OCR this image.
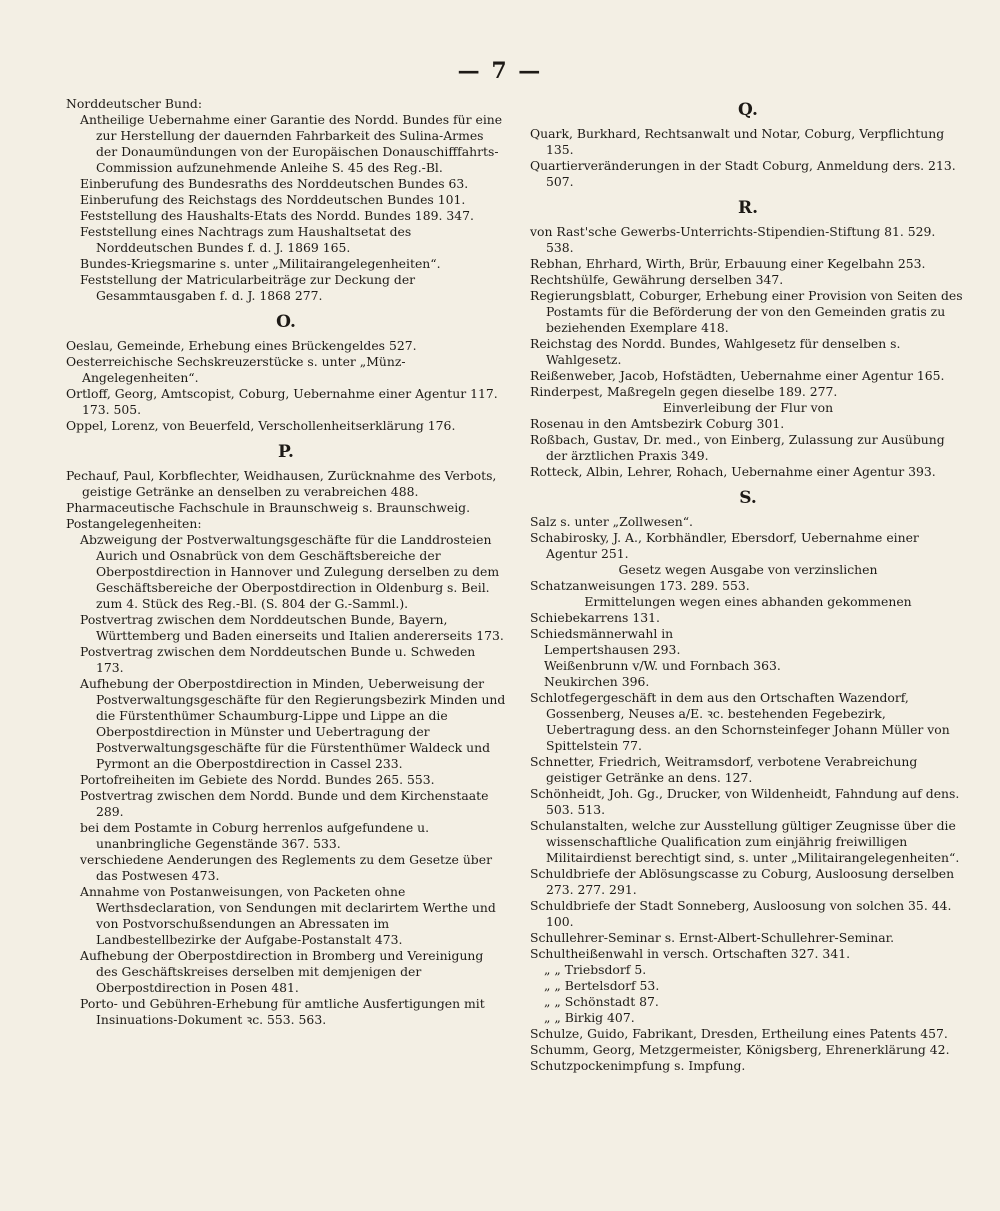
— 7 —

Norddeutscher Bund:

Antheilige Uebernahme einer Garantie des Nordd. Bundes für eine zur Herstellung der dauernden Fahrbarkeit des Sulina-Armes der Donaumündungen von der Europäischen Donauschifffahrts-Commission aufzunehmende Anleihe S. 45 des Reg.-Bl.

Einberufung des Bundesraths des Norddeutschen Bundes 63.

Einberufung des Reichstags des Norddeutschen Bundes 101.

Feststellung des Haushalts-Etats des Nordd. Bundes 189. 347.

Feststellung eines Nachtrags zum Haushaltsetat des Norddeutschen Bundes f. d. J. 1869 165.

Bundes-Kriegsmarine s. unter „Militairangelegenheiten“.

Feststellung der Matricularbeiträge zur Deckung der Gesammtausgaben f. d. J. 1868 277.

O.

Oeslau, Gemeinde, Erhebung eines Brückengeldes 527.

Oesterreichische Sechskreuzerstücke s. unter „Münz-Angelegenheiten“.

Ortloff, Georg, Amtscopist, Coburg, Uebernahme einer Agentur 117. 173. 505.

Oppel, Lorenz, von Beuerfeld, Verschollenheitserklärung 176.

P.

Pechauf, Paul, Korbflechter, Weidhausen, Zurücknahme des Verbots, geistige Getränke an denselben zu verabreichen 488.

Pharmaceutische Fachschule in Braunschweig s. Braunschweig.

Postangelegenheiten:

Abzweigung der Postverwaltungsgeschäfte für die Landdrosteien Aurich und Osnabrück von dem Geschäftsbereiche der Oberpostdirection in Hannover und Zulegung derselben zu dem Geschäftsbereiche der Oberpostdirection in Oldenburg s. Beil. zum 4. Stück des Reg.-Bl. (S. 804 der G.-Samml.).

Postvertrag zwischen dem Norddeutschen Bunde, Bayern, Württemberg und Baden einerseits und Italien andererseits 173.

Postvertrag zwischen dem Norddeutschen Bunde u. Schweden 173.

Aufhebung der Oberpostdirection in Minden, Ueberweisung der Postverwaltungsgeschäfte für den Regierungsbezirk Minden und die Fürstenthümer Schaumburg-Lippe und Lippe an die Oberpostdirection in Münster und Uebertragung der Postverwaltungsgeschäfte für die Fürstenthümer Waldeck und Pyrmont an die Oberpostdirection in Cassel 233.

Portofreiheiten im Gebiete des Nordd. Bundes 265. 553.

Postvertrag zwischen dem Nordd. Bunde und dem Kirchenstaate 289.

bei dem Postamte in Coburg herrenlos aufgefundene u. unanbringliche Gegenstände 367. 533.

verschiedene Aenderungen des Reglements zu dem Gesetze über das Postwesen 473.

Annahme von Postanweisungen, von Packeten ohne Werthsdeclaration, von Sendungen mit declarirtem Werthe und von Postvorschußsendungen an Abressaten im Landbestellbezirke der Aufgabe-Postanstalt 473.

Aufhebung der Oberpostdirection in Bromberg und Vereinigung des Geschäftskreises derselben mit demjenigen der Oberpostdirection in Posen 481.

Porto- und Gebühren-Erhebung für amtliche Ausfertigungen mit Insinuations-Dokument ꝛc. 553. 563.

Q.

Quark, Burkhard, Rechtsanwalt und Notar, Coburg, Verpflichtung 135.

Quartierveränderungen in der Stadt Coburg, Anmeldung ders. 213. 507.

R.

von Rast'sche Gewerbs-Unterrichts-Stipendien-Stiftung 81. 529. 538.

Rebhan, Ehrhard, Wirth, Brür, Erbauung einer Kegelbahn 253.

Rechtshülfe, Gewährung derselben 347.

Regierungsblatt, Coburger, Erhebung einer Provision von Seiten des Postamts für die Beförderung der von den Gemeinden gratis zu beziehenden Exemplare 418.

Reichstag des Nordd. Bundes, Wahlgesetz für denselben s. Wahlgesetz.

Reißenweber, Jacob, Hofstädten, Uebernahme einer Agentur 165.

Rinderpest, Maßregeln gegen dieselbe 189. 277.

Einverleibung der Flur von

Rosenau in den Amtsbezirk Coburg 301.

Roßbach, Gustav, Dr. med., von Einberg, Zulassung zur Ausübung der ärztlichen Praxis 349.

Rotteck, Albin, Lehrer, Rohach, Uebernahme einer Agentur 393.

S.

Salz s. unter „Zollwesen“.

Schabirosky, J. A., Korbhändler, Ebersdorf, Uebernahme einer Agentur 251.

Gesetz wegen Ausgabe von verzinslichen

Schatzanweisungen 173. 289. 553.

Ermittelungen wegen eines abhanden gekommenen

Schiebekarrens 131.

Schiedsmännerwahl in

Lempertshausen 293.

Weißenbrunn v/W. und Fornbach 363.

Neukirchen 396.

Schlotfegergeschäft in dem aus den Ortschaften Wazendorf, Gossenberg, Neuses a/E. ꝛc. bestehenden Fegebezirk, Uebertragung dess. an den Schornsteinfeger Johann Müller von Spittelstein 77.

Schnetter, Friedrich, Weitramsdorf, verbotene Verabreichung geistiger Getränke an dens. 127.

Schönheidt, Joh. Gg., Drucker, von Wildenheidt, Fahndung auf dens. 503. 513.

Schulanstalten, welche zur Ausstellung gültiger Zeugnisse über die wissenschaftliche Qualification zum einjährig freiwilligen Militairdienst berechtigt sind, s. unter „Militairangelegenheiten“.

Schuldbriefe der Ablösungscasse zu Coburg, Ausloosung derselben 273. 277. 291.

Schuldbriefe der Stadt Sonneberg, Ausloosung von solchen 35. 44. 100.

Schullehrer-Seminar s. Ernst-Albert-Schullehrer-Seminar.

Schultheißenwahl in versch. Ortschaften 327. 341.

„ „ Triebsdorf 5.

„ „ Bertelsdorf 53.

„ „ Schönstadt 87.

„ „ Birkig 407.

Schulze, Guido, Fabrikant, Dresden, Ertheilung eines Patents 457.

Schumm, Georg, Metzgermeister, Königsberg, Ehrenerklärung 42.

Schutzpockenimpfung s. Impfung.
